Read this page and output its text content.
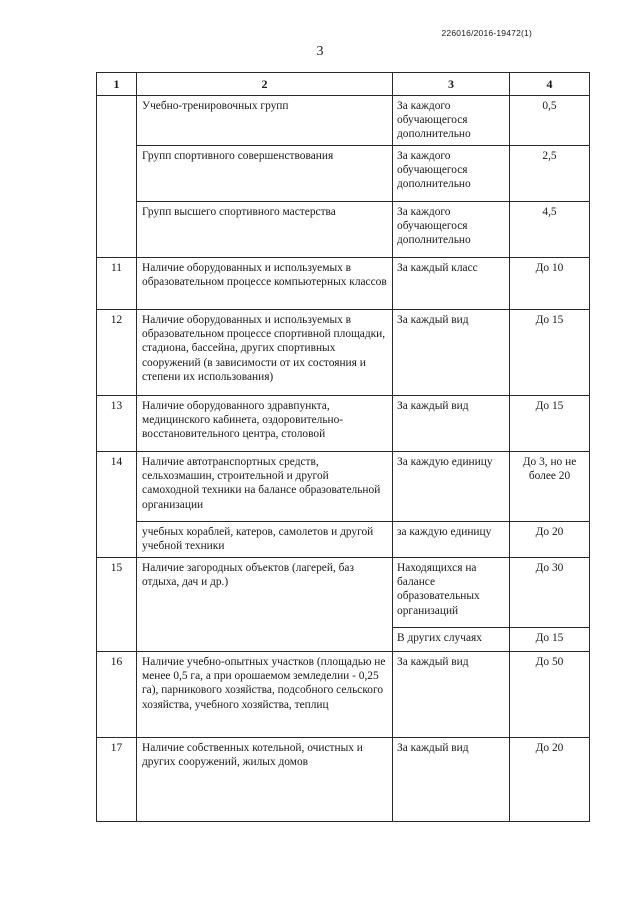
226016/2016-19472(1)
3
1	2	3	4
	Учебно-тренировочных групп	За каждого обучающегося дополнительно	0,5
	Групп спортивного совершенствования	За каждого обучающегося дополнительно	2,5
	Групп высшего спортивного мастерства	За каждого обучающегося дополнительно	4,5
11	Наличие оборудованных и используемых в образовательном процессе компьютерных классов	За каждый класс	До 10
12	Наличие оборудованных и используемых в образовательном процессе спортивной площадки, стадиона, бассейна, других спортивных сооружений (в зависимости от их состояния и степени их использования)	За каждый вид	До 15
13	Наличие оборудованного здравпункта, медицинского кабинета, оздоровительно-восстановительного центра, столовой	За каждый вид	До 15
14	Наличие автотранспортных средств, сельхозмашин, строительной и другой самоходной техники на балансе образовательной организации	За каждую единицу	До 3, но не более 20
	учебных кораблей, катеров, самолетов и другой учебной техники	за каждую единицу	До 20
15	Наличие загородных объектов (лагерей, баз отдыха, дач и др.)	Находящихся на балансе образовательных организаций	До 30
		В других случаях	До 15
16	Наличие учебно-опытных участков (площадью не менее 0,5 га, а при орошаемом земледелии - 0,25 га), парникового хозяйства, подсобного сельского хозяйства, учебного хозяйства, теплиц	За каждый вид	До 50
17	Наличие собственных котельной, очистных и других сооружений, жилых домов	За каждый вид	До 20
